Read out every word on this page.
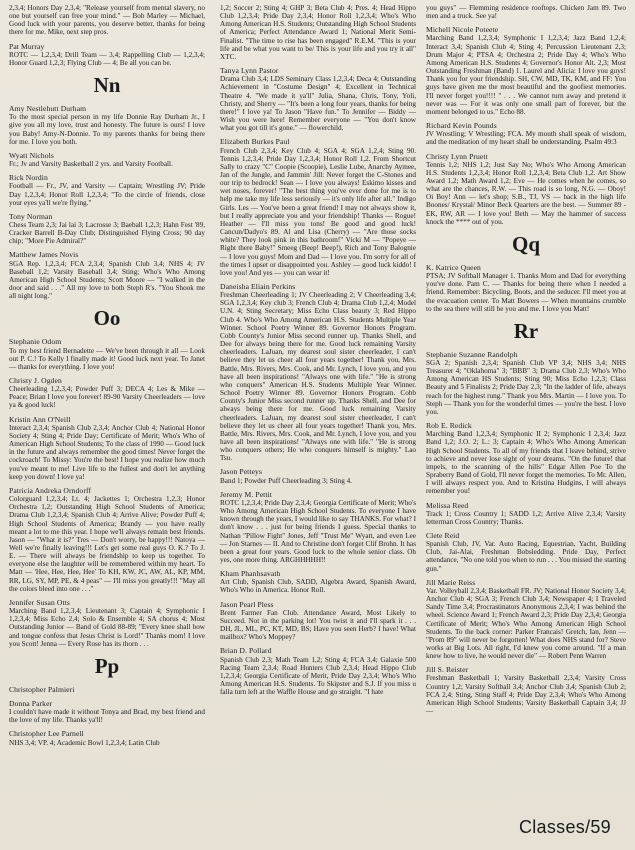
2,3,4; Honors Day 2,3,4; "Release yourself from mental slavery, no one but yourself can free your mind." — Bob Marley — Michael, Good luck with your parents, you deserve better, thanks for being there for me. Mike, next step pros.
Pat Murray
ROTC — 1,2,3,4; Drill Team — 3,4; Rappelling Club — 1,2,3,4; Honor Guard 1,2,3; Flying Club — 4; Be all you can be.
Nn
Amy Nestlehutt Durham
To the most special person in my life Donnie Ray Durham Jr., I give you all my love, trust and honesty. The future is ours! I love you Baby! Amy-N-Donnie. To my parents thanks for being there for me. I love you both.
Wyatt Nichols
Fr.; Jv and Varsity Basketball 2 yrs. and Varsity Football.
Rick Nordin
Football — Fr., JV, and Varsity — Captain; Wrestling JV; Pride Day 1,2,3,4; Honor Roll 1,2,3,4; "To the circle of friends, close your eyes ya'll we're flying."
Tony Norman
Chess Team 2,3; Jai lai 3; Lacrosse 3; Baeball 1,2,3; Hahn Fest '89, Cracker Barrell B-Day Club; Distinguished Flying Cross; 90 day chip; "More Pie Admiral?"
Matthew James Novis
SGA Rep. 1,2,3,4; FCA 2,3,4; Spanish Club 3,4; NHS 4; JV Baseball 1,2; Varsity Baseball 3,4; Sting; Who's Who Among American High School Students; Scott Moore — "I walked in the door and said . . ." All my love to both Steph R's. "You Shook me all night long."
Oo
Stephanie Odom
To my best friend Bernadette — We've been through it all — Look out P. C.! To Kelly I finally made it! Good luck next year. To Janet — thanks for everything. I love you!
Christy J. Ogden
Cheerleading 1,2,3,4; Powder Puff 3; DECA 4; Les & Mike — Peace; Brian I love you forever! 89-90 Varsity Cheerleaders — love ya & good luck!
Kristin Ann O'Neill
Interact 2,3,4; Spanish Club 2,3,4; Anchor Club 4; National Honor Society 4; Sting 4; Pride Day; Certificate of Merit; Who's Who of American High School Students; To the class of 1990 — Good luck in the future and always remember the good times! Never forget the cockroach! To Missy: You're the best! I hope you realize how much you've meant to me! Live life to the fullest and don't let anything keep you down! I love ya!
Patricia Andreka Orndorff
Colorguard 1,2,3,4; Lt. 4; Jackettes 1; Orchestra 1,2,3; Honor Orchestra 1,2; Outstanding High School Students of America; Drama Club 1,2,3,4; Spanish Club 4; Arrive Alive; Powder Puff 4; High School Students of America; Brandy — you have really meant a lot to me this year. I hope we'll always remain best friends. Jason — "What it is?" Tres — Don't worry, be happy!!! Natoya — Well we're finally leaving!!! Let's get some real guys O. K.? To J. E. — There will always be friendship to keep us together. To everyone else the laughter will be remembered within my heart. To Matt — 'Hee, Hee, Hee, Hee' To KH, KW, JC, AW, AL, KP, MM, RR, LG, SY, MP, PE, & 4 peas" — I'll miss you greatly!!! "May all the colors bleed into one . . ."
Jennifer Susan Otts
Marching Band 1,2,3,4; Lieutenant 3; Captain 4; Symphonic I 1,2,3,4; Miss Echo 2,4; Solo & Ensemble 4; SA chorus 4; Most Outstanding Junior — Band of Gold 88-89; "Every knee shall bow and tongue confess that Jesus Christ is Lord!" Thanks mom! I love you Scott! Jenna — Every Rose has its thorn . . .
Pp
Christopher Palmieri
Donna Parker
I couldn't have made it without Tonya and Brad, my best friend and the love of my life. Thanks ya'll!
Christopher Lee Parnell
NHS 3,4; VP. 4; Academic Bowl 1,2,3,4; Latin Club
1,2; Soccer 2; Sting 4; GHP 3; Beta Club 4; Pres. 4; Head Hippo Club 1,2,3,4; Pride Day 2,3,4; Honor Roll 1,2,3,4; Who's Who Among American H.S. Students; Outstanding High School Students of America; Perfect Attendance Award 1; National Merit Semi-Finalist. "The time to rise has been engaged" R.E.M. "This is your life and be what you want to be/ This is your life and you try it all" XTC.
Tanya Lynn Pastor
Drama Club 3,4; LDS Seminary Class 1,2,3,4; Deca 4; Outstanding Achievement in "Costume Design" 4; Excellent in Technical Theatre 4. "We made it ya'll" Julia, Shana, Chris, Tony, Yoli, Christy, and Sherry — "It's been a long four years, thanks for being there!" I love ya! To Jason "Have fun." To Jennifer — Biddy — Wish you were here! Remember everyone — "You don't know what you got till it's gone." — flowerchild.
Elizabeth Burkes Paul
French Club 2,3,4; Key Club 4; SGA 4; SGA 1,2,4; Sting 90. Tennis 1,2,3,4; Pride Day 1,2,3,4; Honor Roll 1,2. From Shortcut Sally to crazy "C" Coopie (Scoopie), Leslie Lube, Anarchy Aymee, Jan of the Jungle, and Jammin' Jill: Never forget the C-Stones and our trip to bedrock! Sean — I love you always! Eskimo kisses and wet noses, forever! "The best thing you've ever done for me is to help me take my life less seriously — it's only life after all." Indigo Girls. Les — You've been a great friend! I may not always show it, but I really appreciate you and your friendship! Thanks — Rogue! Heather — I'll miss you tons! Be good and good luck! Cancun/Dadyo's 89. Al and Lisa (Cherry) — "Are those socks white? They look pink in this bathroom!" Vicki M — "Popeye — Right there Baby!" Smeeg (Beep! Beep!), Rich and Tony Balognie — I love you guys! Mom and Dad — I love you. I'm sorry for all of the times I upset or disappointed you. Ashley — good luck kiddo! I love you! And yes — you can wear it!
Daneisha Eliain Perkins
Freshman Cheerleading 1; JV Cheerleading 2; V Cheerleading 3,4; SGA 1,2,3,4; Key club 3; French Club 4; Drama Club 1,2,4; Model U.N. 4; Sting Secretary; Miss Echo Class beauty 3; Red Hippo Club 4. Who's Who Among American H.S. Students Multiple Year Winner. School Poetry Winner 89. Governor Honors Program. Cobb County's Junior Miss second runner up. Thanks Shell, and Dee for always being there for me. Good luck remaining Varsity cheerleaders. LaJuan, my dearest soul sister cheerleader, I can't believe they let us cheer all four years together! Thank you, Mrs. Battle, Mrs. Rivers, Mrs. Cook, and Mr. Lynch, I love you, and you have all been inspirations! "Always one with life." "He is strong who conquers" American H.S. Students Multiple Year Winner. School Poetry Winner 89. Governor Honors Program. Cobb County's Junior Miss second runner up. Thanks Shell, and Dee for always being there for me. Good luck remaining Varsity cheerleaders. LaJuan, my dearest soul sister cheerleader, I can't believe they let us cheer all four years together! Thank you, Mrs. Battle, Mrs. Rivers, Mrs. Cook, and Mr. Lynch, I love you, and you have all been inspirations! "Always one with life." "He is strong who conquers others; He who conquers himself is mighty." Lao Tsu.
Jason Petteys
Band 1; Powder Puff Cheerleading 3; Sting 4.
Jeremy M. Pettit
ROTC 1,2,3,4; Pride Day 2,3,4; Georgia Certificate of Merit; Who's Who Among American High School Students. To everyone I have known through the years, I would like to say THANKS. For what? I don't know . . . just for being friends I guess. Special thanks to Nathan "Pillow Fight" Jones, Jeff "Trust Me" Wyatt, and even Lee — Jon Starnes — II. And to Christine don't forget Clif Brohn. It has been a great four years. Good luck to the whole senior class. Oh yes, one more thing. ARGHHHHH!!
Kham Phanhsavath
Art Club, Spanish Club, SADD, Algebra Award, Spanish Award, Who's Who in America. Honor Roll.
Jason Pearl Pless
Brent Farmer Fan Club. Attendance Award, Most Likely to Succeed. Not in the parking lot! You twist it and I'll spark it . . . DH, JL, ML, PC, KT, MD, BS; Have you seen Herb? I have! What mailbox? Who's Moppey?
Brian D. Pollard
Spanish Club 2,3; Math Team 1,2; Sting 4; FCA 3,4; Galaxie 500 Racing Team 2,3,4; Road Hunters Club 2,3,4; Head Hippo Club 1,2,3,4; Georgia Certificate of Merit, Pride Day 2,3,4; Who's Who Among American H.S. Students. To Skipster and S.J. If you miss u falla turn left at the Waffle House and go straight. "I hate
you guys" — Flemming residence rooftops. Chicken Jam 89. Two men and a truck. See ya!
Michell Nicole Poteete
Marching Band 1,2,3,4; Symphonic I 1,2,3,4; Jazz Band 1,2,4; Interact 3,4; Spanish Club 4; Sting 4; Percussion Lieutenant 2,3; Drum Major 4; PTSA 4; Orchestra 2; Pride Day 4; Who's Who Among American H.S. Students 4; Governor's Honor Alt. 2,3; Most Outstanding Freshman (Band) 1. Laurel and Alicia: I love you guys! Thank you for your friendship. SH, CW, MD, TK, KM, and FF: You guys have given me the most beautiful and the goofiest memories. I'll never forget you!!!! " . . . We cannot turn away and pretend it never was — For it was only one small part of forever, but the moment belonged to us." Echo 88.
Richard Kevin Pounds
JV Wrestling; V Wrestling; FCA. My mouth shall speak of wisdom, and the meditation of my heart shall be understanding. Psalm 49:3
Christy Lynn Pruett
Tennis 1,2; NHS 1,2; Just Say No; Who's Who Among American H.S. Students 1,2,3,4; Honor Roll 1,2,3,4; Beta Club 1,2. Art Show Award 1,2; Math Award 1,2; Eve — He comes when he comes, so what are the chances, R.W. — This road is so long, N.G. — Oboy! Oi Boy! Ann — let's shop; S.B., TJ, VS — back in the high life Boones/ Krystal/ Minor Beck Quarters are the best. — Summer 89 - EK, RW, AR — I love you! Beth — May the hammer of success knock the **** out of you.
Qq
K. Katrice Queen
PTSA; JV Softball Manager 1. Thanks Mom and Dad for everything you've done. Pam C. — Thanks for being there when I needed a friend. Remember: Bicycling, Boots, and the seducer. I'll meet you at the evacuation center. To Matt Bowers — When mountains crumble to the sea there will still be you and me. I love you Matt!
Rr
Stephanie Suzanne Randolph
SGA 2; Spanish 2,3,4; Spanish Club VP 3,4; NHS 3,4; NHS Treasurer 4; "Oklahoma" 3; "BBB" 3; Drama Club 2,3; Who's Who Among American HS Students; Sting 90; Miss Echo 1,2,3; Class Beauty and 5 Finalists 2; Pride Day 2,3; "In the ladder of life, always reach for the highest rung." Thank you Mrs. Martin — I love you. To Steph — Thank you for the wonderful times — you're the best. I love you.
Rob E. Redick
Marching Band 1,2,3,4; Symphonic II 2; Symphonic I 2,3,4; Jazz Band 1,2; J.O. 2; L.: 3; Captain 4; Who's Who Among American High School Students. To all of my friends that I leave behind, strive to achieve and never lose sight of your dreams. "On the future! that impels, to the scanning of the hills" Edgar Allen Poe To the Spraberry Band of Gold, I'll never forget the memories. To Mr. Allen, I will always respect you. And to Kristina Hudgins, I will always remember you!
Melissa Reed
Track 1; Cross Country 1; SADD 1,2; Arrive Alive 2,3,4; Varsity letterman Cross Country; Thanks.
Clete Reid
Spanish Club, JV, Var. Auto Racing, Equestrian, Yacht, Building Club, Jai-Alai, Freshman Bobsledding. Pride Day, Perfect attendance, "No one told you when to run . . . You missed the starting gun."
Jill Marie Reiss
Var. Volleyball 2,3,4; Basketball FR. JV; National Honor Society 3,4; Anchor Club 4; SGA 3; French Club 3,4; Newspaper 4; I Traveled Sandy Time 3,4; Procrastinators Anonymous 2,3,4; I was behind the wheel. Science Award 1; French Award 2,3; Pride Day 2,3,4; Georgia Certificate of Merit; Who's Who Among American High School Students. To the back corner: Parker Francais! Gretch, Ian, Jenn — "Prom 89" will never be forgotten! What does NHS stand for? Steve works at Big Lots. All right, I'd knew you come around. "If a man knew how to live, he would never die" — Robert Penn Warren
Jill S. Reister
Freshman Basketball 1; Varsity Basketball 2,3,4; Varsity Cross Country 1,2; Varsity Softball 3,4; Anchor Club 3,4; Spanish Club 2; FCA 2,4; Sting, Sting Staff 4; Pride Day 2,3,4; Who's Who Among American High School Students; Varsity Basketball Captain 3,4; JJ —
Classes/59
